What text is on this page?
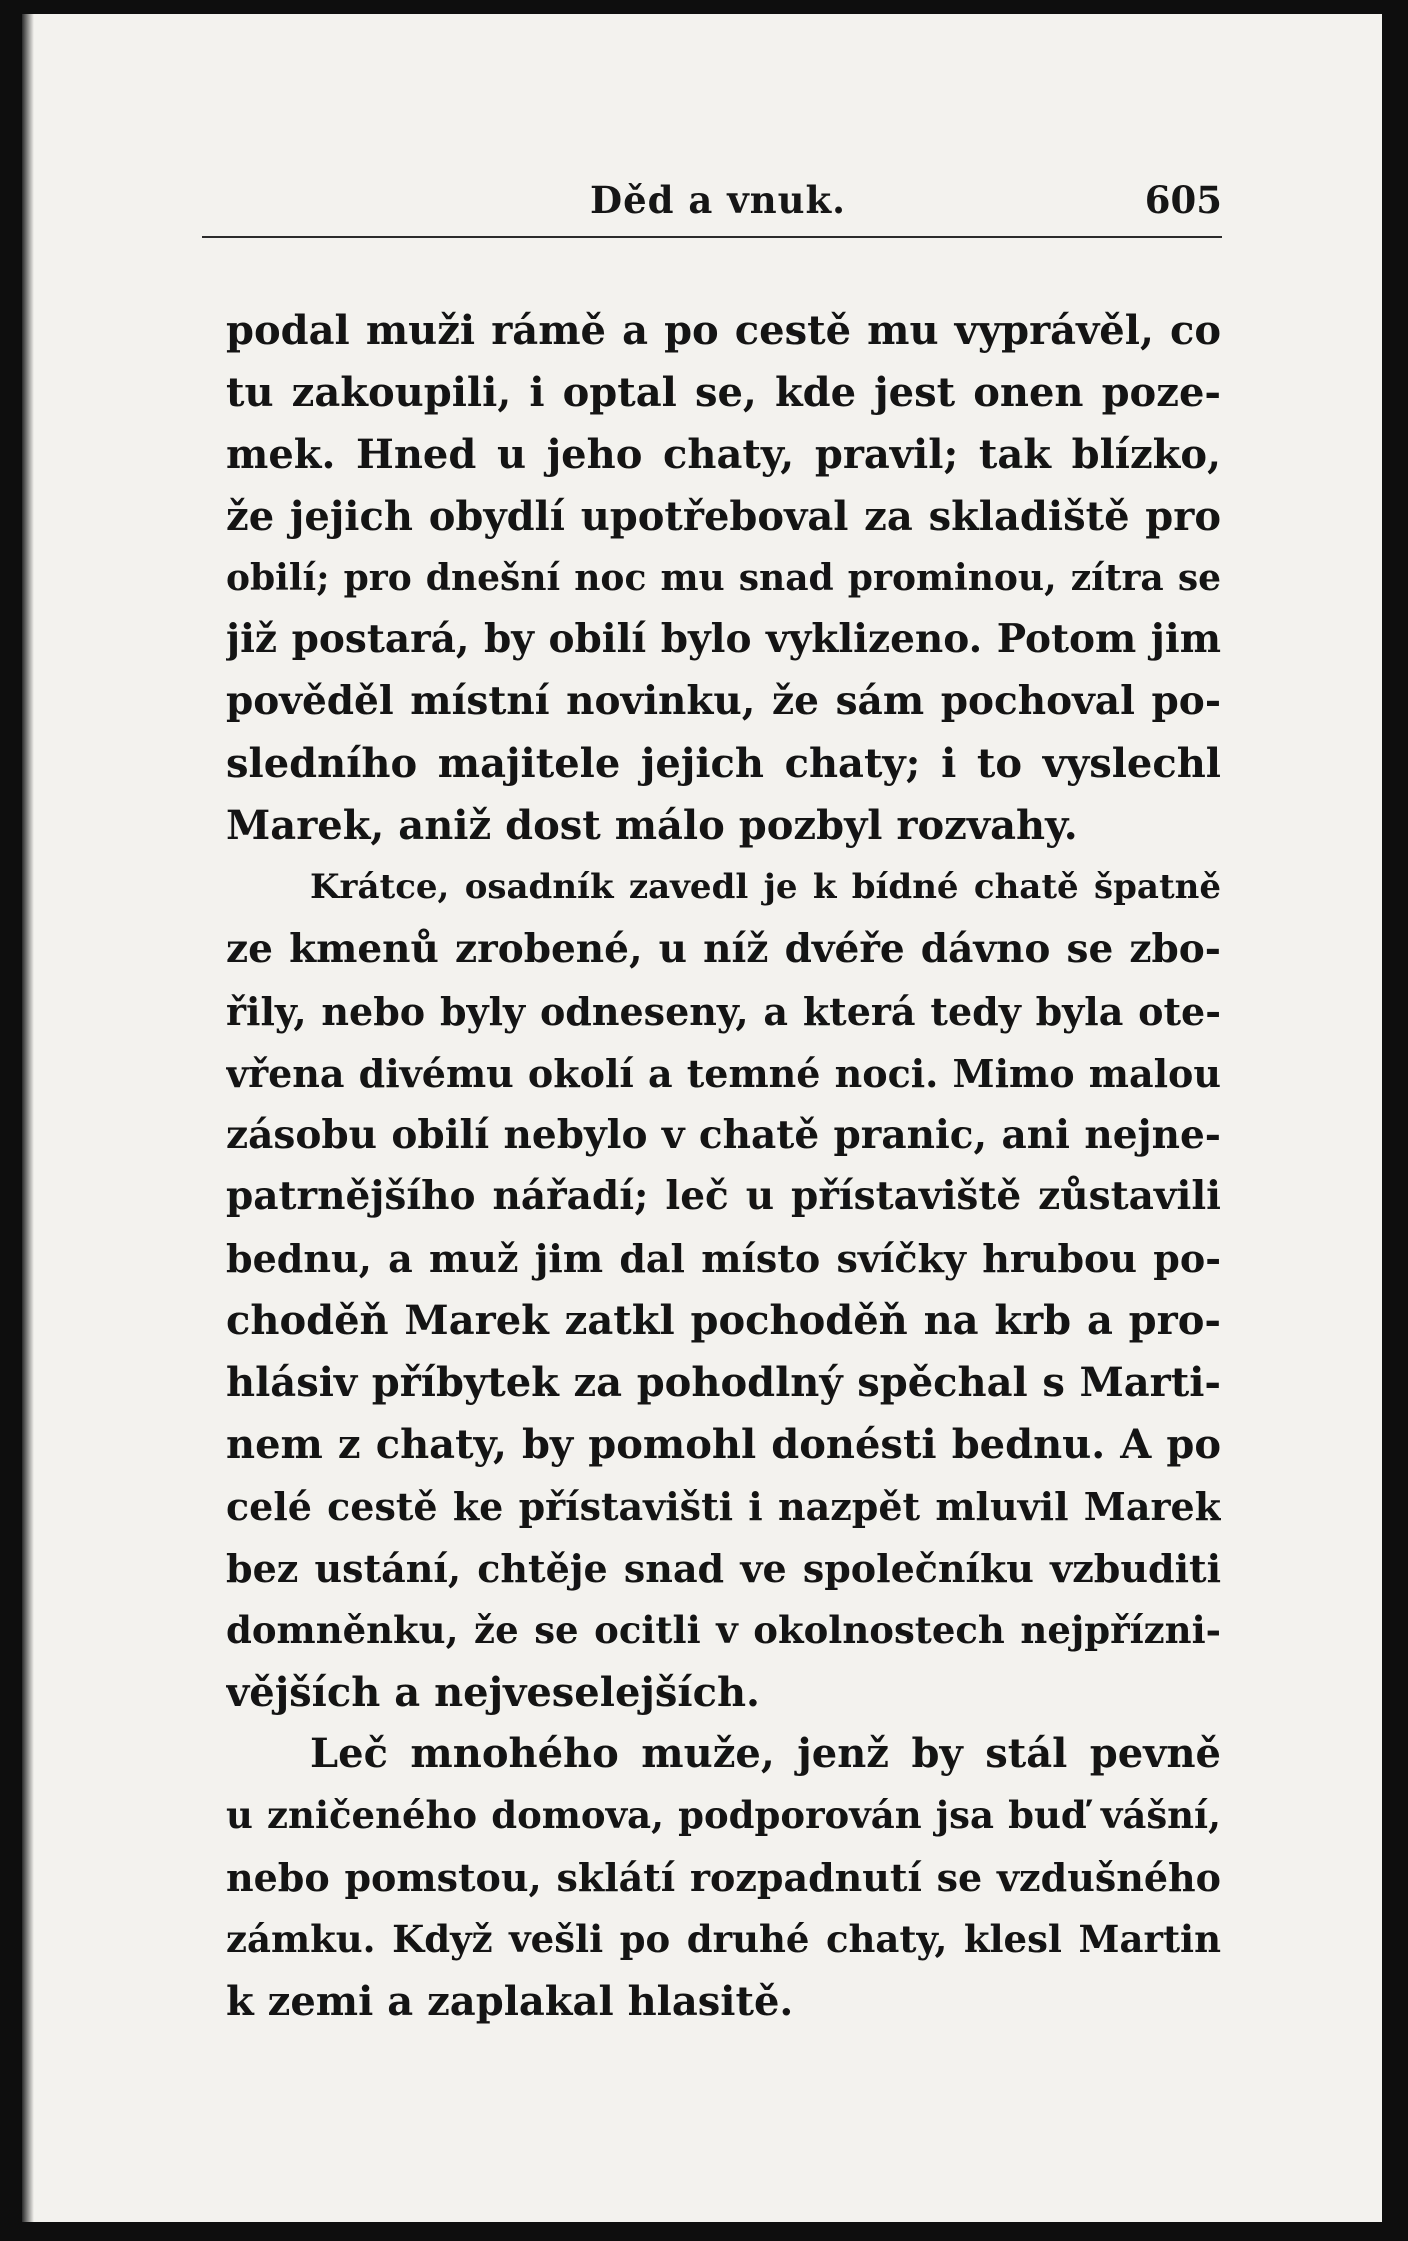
Děd a vnuk.	605
podal muži rámě a po cestě mu vyprávěl, co
tu zakoupili, i optal se, kde jest onen poze-
mek. Hned u jeho chaty, pravil; tak blízko,
že jejich obydlí upotřeboval za skladiště pro
obilí; pro dnešní noc mu snad prominou, zítra se
již postará, by obilí bylo vyklizeno. Potom jim
pověděl místní novinku, že sám pochoval po-
sledního majitele jejich chaty; i to vyslechl
Marek, aniž dost málo pozbyl rozvahy.
Krátce, osadník zavedl je k bídné chatě špatně
ze kmenů zrobené, u níž dvéře dávno se zbo-
řily, nebo byly odneseny, a která tedy byla ote-
vřena divému okolí a temné noci. Mimo malou
zásobu obilí nebylo v chatě pranic, ani nejne-
patrnějšího nářadí; leč u přístaviště zůstavili
bednu, a muž jim dal místo svíčky hrubou po-
choděň Marek zatkl pochoděň na krb a pro-
hlásiv příbytek za pohodlný spěchal s Marti-
nem z chaty, by pomohl donésti bednu. A po
celé cestě ke přístavišti i nazpět mluvil Marek
bez ustání, chtěje snad ve společníku vzbuditi
domněnku, že se ocitli v okolnostech nejpřízni-
vějších a nejveselejších.
Leč mnohého muže, jenž by stál pevně
u zničeného domova, podporován jsa buď vášní,
nebo pomstou, sklátí rozpadnutí se vzdušného
zámku. Když vešli po druhé chaty, klesl Martin
k zemi a zaplakal hlasitě.
